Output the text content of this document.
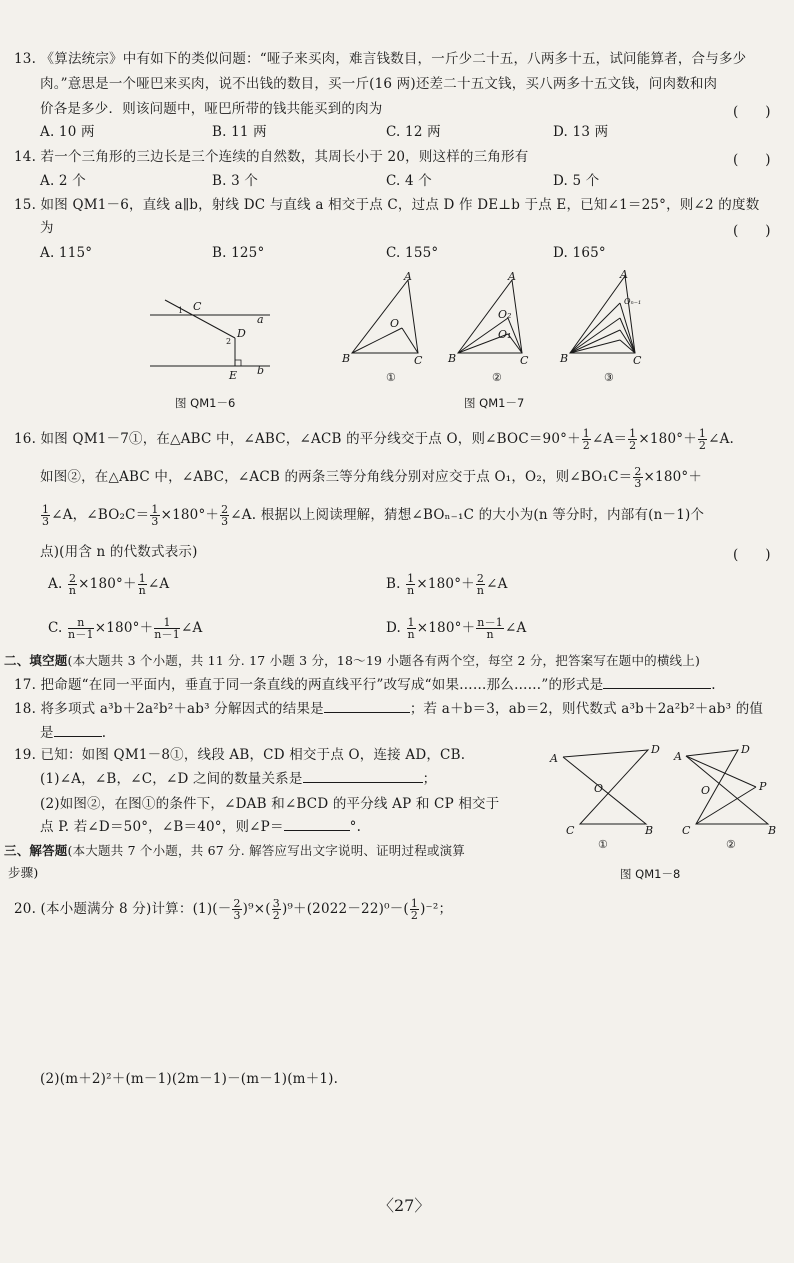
13. 《算法统宗》中有如下的类似问题：“哑子来买肉，难言钱数目，一斤少二十五，八两多十五，试问能算者，合与多少
肉。”意思是一个哑巴来买肉，说不出钱的数目，买一斤(16 两)还差二十五文钱，买八两多十五文钱，问肉数和肉
价各是多少．则该问题中，哑巴所带的钱共能买到的肉为	(　　)
A. 10 两	B. 11 两	C. 12 两	D. 13 两
14. 若一个三角形的三边长是三个连续的自然数，其周长小于 20，则这样的三角形有	(　　)
A. 2 个	B. 3 个	C. 4 个	D. 5 个
15. 如图 QM1－6，直线 a∥b，射线 DC 与直线 a 相交于点 C，过点 D 作 DE⊥b 于点 E，已知∠1＝25°，则∠2 的度数
为	(　　)
A. 115°	B. 125°	C. 155°	D. 165°
C
1
D
2
a
E b
图 QM1－6
A
B	C
O
①
A
B	C
O₂
O₁
②
A
B	C
Oₙ₋₁
③
图 QM1－7
16. 如图 QM1－7①，在△ABC 中，∠ABC，∠ACB 的平分线交于点 O，则∠BOC＝90°＋ $\frac{1}{2}$ ∠A＝ $\frac{1}{2} \times 180^\circ+ \frac{1}{2}$ ∠A.
如图②，在△ABC 中，∠ABC，∠ACB 的两条三等分角线分别对应交于点 O₁，O₂，则∠BO₁C＝ $\frac{2}{3} \times 180^\circ+$
$\frac{1}{3}$ ∠A，∠BO₂C＝ $\frac{1}{3} \times 180^\circ+ \frac{2}{3}$ ∠A. 根据以上阅读理解，猜想∠BOₙ₋₁C 的大小为(n 等分时，内部有(n－1)个
点)(用含 n 的代数式表示)	(　　)
A. $\frac{2}{n} \times 180^\circ+ \frac{1}{n}$ ∠A	B. $\frac{1}{n} \times 180^\circ+ \frac{2}{n}$ ∠A
C. $\frac{n}{n-1} \times 180^\circ+ \frac{1}{n-1}$ ∠A	D. $\frac{1}{n} \times 180^\circ+ \frac{n-1}{n}$ ∠A
二、填空题(本大题共 3 个小题，共 11 分. 17 小题 3 分，18～19 小题各有两个空，每空 2 分，把答案写在题中的横线上)
17. 把命题“在同一平面内，垂直于同一条直线的两直线平行”改写成“如果……那么……”的形式是	.
18. 将多项式 a³b＋2a²b²＋ab³ 分解因式的结果是	；若 a＋b＝3，ab＝2，则代数式 a³b＋2a²b²＋ab³ 的值
是	.
19. 已知：如图 QM1－8①，线段 AB，CD 相交于点 O，连接 AD，CB.
(1)∠A，∠B，∠C，∠D 之间的数量关系是	；
(2)如图②，在图①的条件下，∠DAB 和∠BCD 的平分线 AP 和 CP 相交于
点 P. 若∠D＝50°，∠B＝40°，则∠P＝	°.
A
D
C	B
O
①
A
D
C	B
P
O
②
图 QM1－8
三、解答题(本大题共 7 个小题，共 67 分. 解答应写出文字说明、证明过程或演算
步骤)
20. (本小题满分 8 分)计算：$(1)(- \frac{2}{3} )^9\times( \frac{3}{2} )^9+(2022-22)^0-( \frac{1}{2} )^{-2}$；
(2)(m＋2)²＋(m－1)(2m－1)－(m－1)(m＋1).
〈27〉
